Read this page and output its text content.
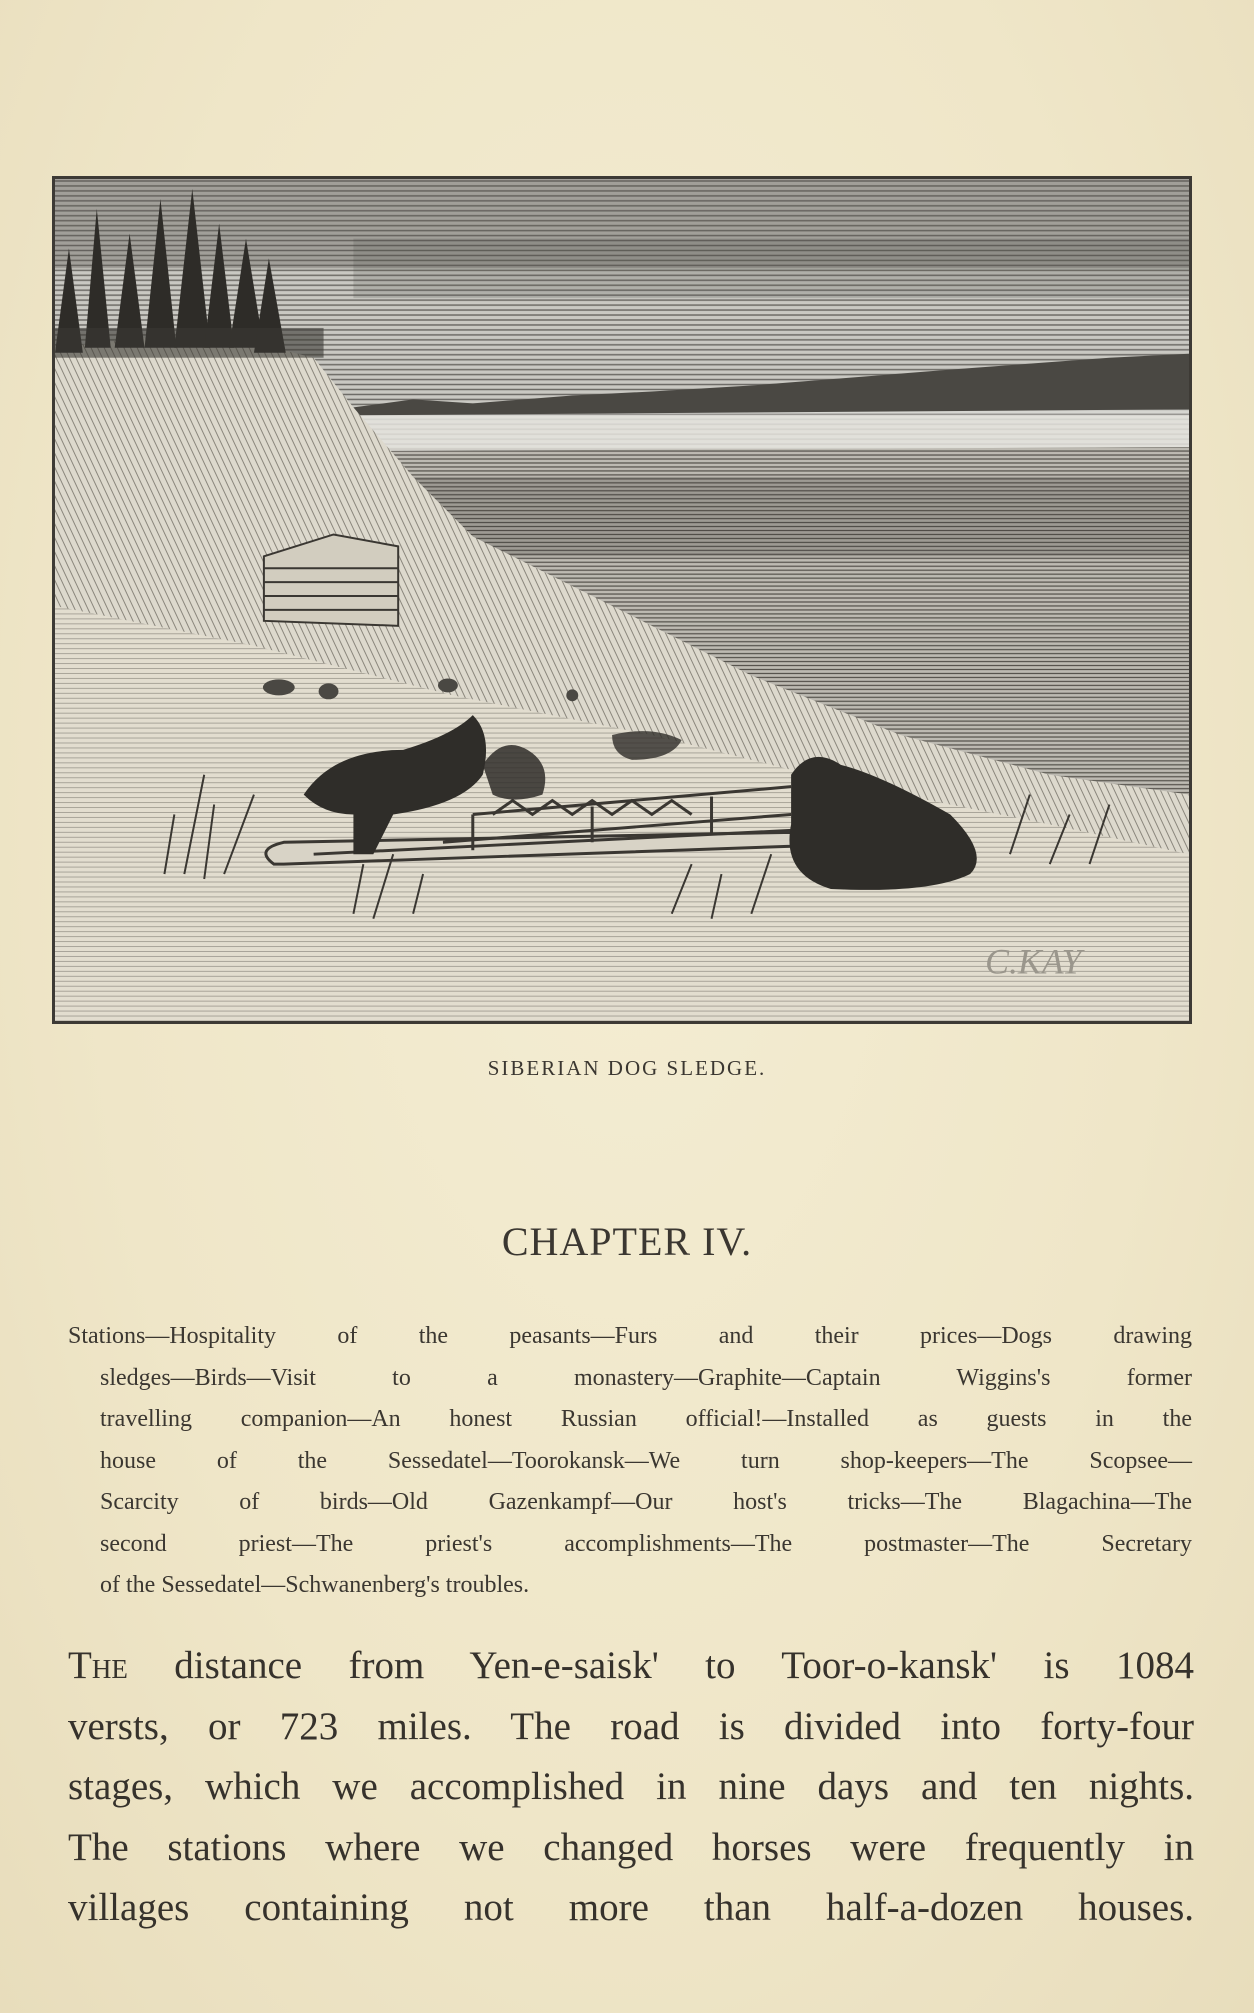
C.KAY
SIBERIAN DOG SLEDGE.
CHAPTER IV.
Stations—Hospitality of the peasants—Furs and their prices—Dogs drawing
sledges—Birds—Visit to a monastery—Graphite—Captain Wiggins's former
travelling companion—An honest Russian official!—Installed as guests in the
house of the Sessedatel—Toorokansk—We turn shop-keepers—The Scopsee—
Scarcity of birds—Old Gazenkampf—Our host's tricks—The Blagachina—The
second priest—The priest's accomplishments—The postmaster—The Secretary
of the Sessedatel—Schwanenberg's troubles.
The distance from Yen-e-saisk' to Toor-o-kansk' is 1084
versts, or 723 miles. The road is divided into forty-four
stages, which we accomplished in nine days and ten nights.
The stations where we changed horses were frequently in
villages containing not more than half-a-dozen houses.
